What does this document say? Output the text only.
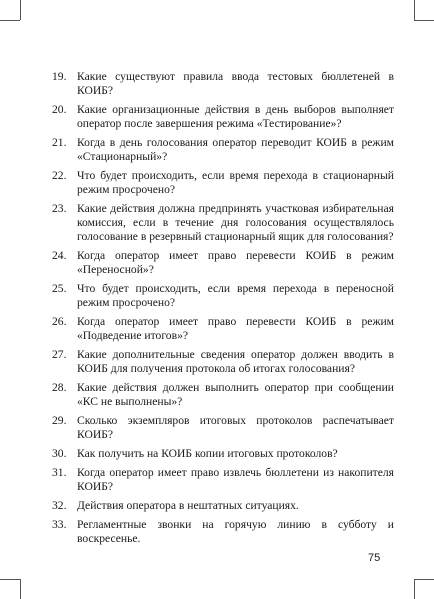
19. Какие существуют правила ввода тестовых бюллетеней в КОИБ?
20. Какие организационные действия в день выборов выполняет оператор после завершения режима «Тестирование»?
21. Когда в день голосования оператор переводит КОИБ в режим «Стационарный»?
22. Что будет происходить, если время перехода в стационарный режим просрочено?
23. Какие действия должна предпринять участковая избирательная комиссия, если в течение дня голосования осуществлялось голосование в резервный стационарный ящик для голосования?
24. Когда оператор имеет право перевести КОИБ в режим «Переносной»?
25. Что будет происходить, если время перехода в переносной режим просрочено?
26. Когда оператор имеет право перевести КОИБ в режим «Подведение итогов»?
27. Какие дополнительные сведения оператор должен вводить в КОИБ для получения протокола об итогах голосования?
28. Какие действия должен выполнить оператор при сообщении «КС не выполнены»?
29. Сколько экземпляров итоговых протоколов распечатывает КОИБ?
30. Как получить на КОИБ копии итоговых протоколов?
31. Когда оператор имеет право извлечь бюллетени из накопителя КОИБ?
32. Действия оператора в нештатных ситуациях.
33. Регламентные звонки на горячую линию в субботу и воскресенье.
75
